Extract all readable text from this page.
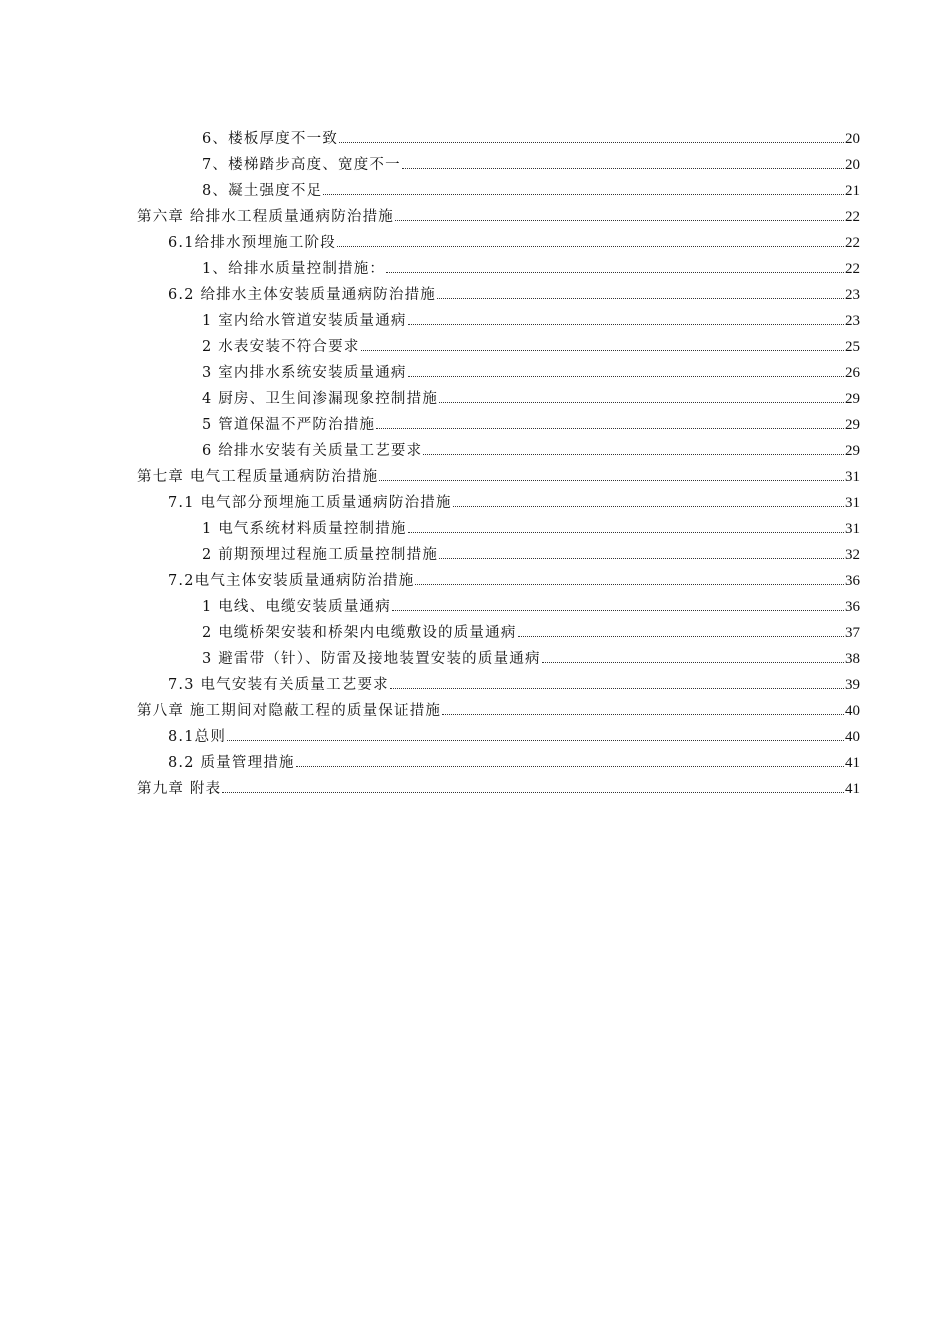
6、楼板厚度不一致	20
7、楼梯踏步高度、宽度不一	20
8、凝土强度不足	21
第六章 给排水工程质量通病防治措施	22
6.1给排水预埋施工阶段	22
1、给排水质量控制措施：	22
6.2 给排水主体安装质量通病防治措施	23
1 室内给水管道安装质量通病	23
2 水表安装不符合要求	25
3 室内排水系统安装质量通病	26
4 厨房、卫生间渗漏现象控制措施	29
5 管道保温不严防治措施	29
6 给排水安装有关质量工艺要求	29
第七章 电气工程质量通病防治措施	31
7.1 电气部分预埋施工质量通病防治措施	31
1 电气系统材料质量控制措施	31
2 前期预埋过程施工质量控制措施	32
7.2电气主体安装质量通病防治措施	36
1 电线、电缆安装质量通病	36
2 电缆桥架安装和桥架内电缆敷设的质量通病	37
3 避雷带（针）、防雷及接地装置安装的质量通病	38
7.3 电气安装有关质量工艺要求	39
第八章 施工期间对隐蔽工程的质量保证措施	40
8.1总则	40
8.2 质量管理措施	41
第九章 附表	41
